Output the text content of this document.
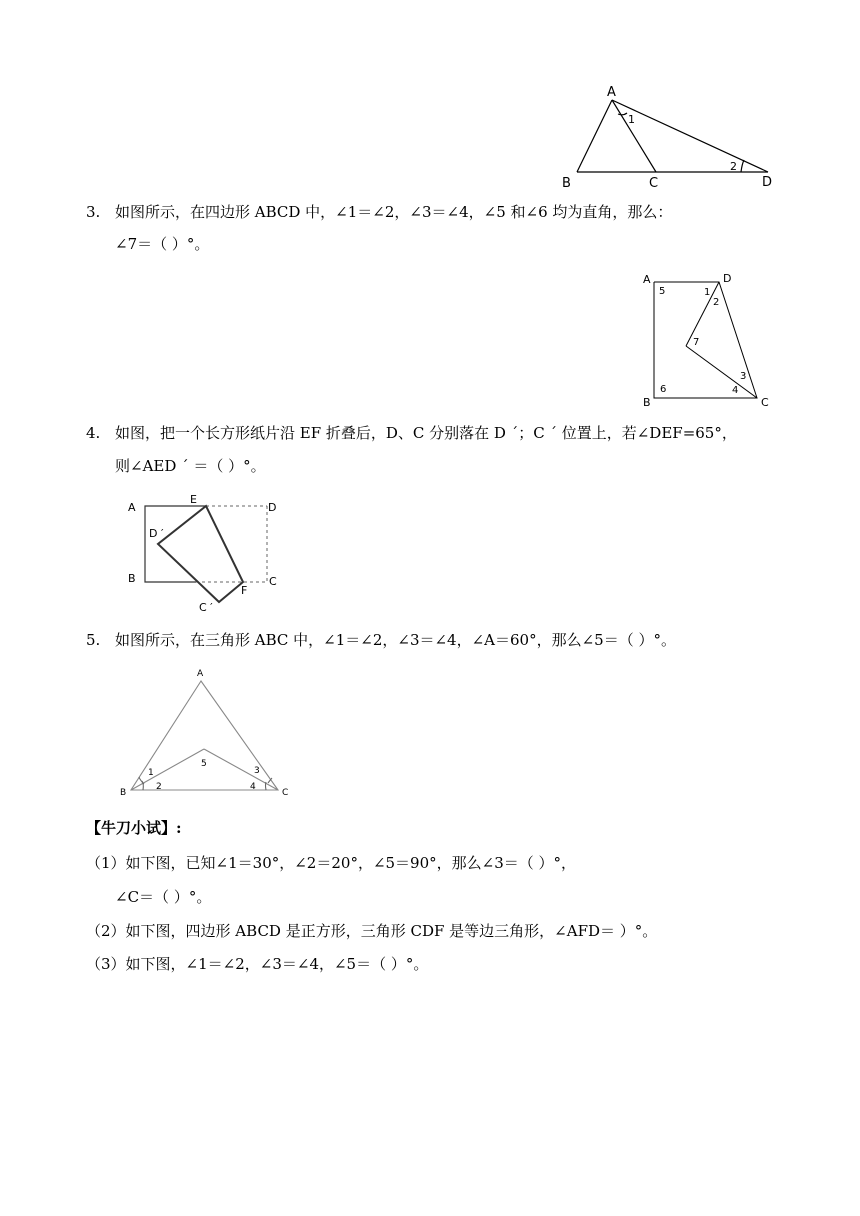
A
B	C	D
1
2
3. 如图所示，在四边形 ABCD 中，∠1＝∠2，∠3＝∠4，∠5 和∠6 均为直角，那么：
∠7＝（ ）°。
A	D
B	C
5	1
2
7
3
4
6
4. 如图，把一个长方形纸片沿 EF 折叠后，D、C 分别落在 D ´；C ´ 位置上，若∠DEF=65°，
则∠AED ´ ＝（ ）°。
A
E
D
D ′
B	C
F
C ′
5. 如图所示，在三角形 ABC 中，∠1＝∠2，∠3＝∠4，∠A＝60°，那么∠5＝（ ）°。
A
B	C
1
2
5
3
4
【牛刀小试】:
（1）如下图，已知∠1＝30°，∠2＝20°，∠5＝90°，那么∠3＝（ ）°，
∠C＝（ ）°。
（2）如下图，四边形 ABCD 是正方形，三角形 CDF 是等边三角形，∠AFD＝ ）°。
（3）如下图，∠1＝∠2，∠3＝∠4，∠5＝（ ）°。
